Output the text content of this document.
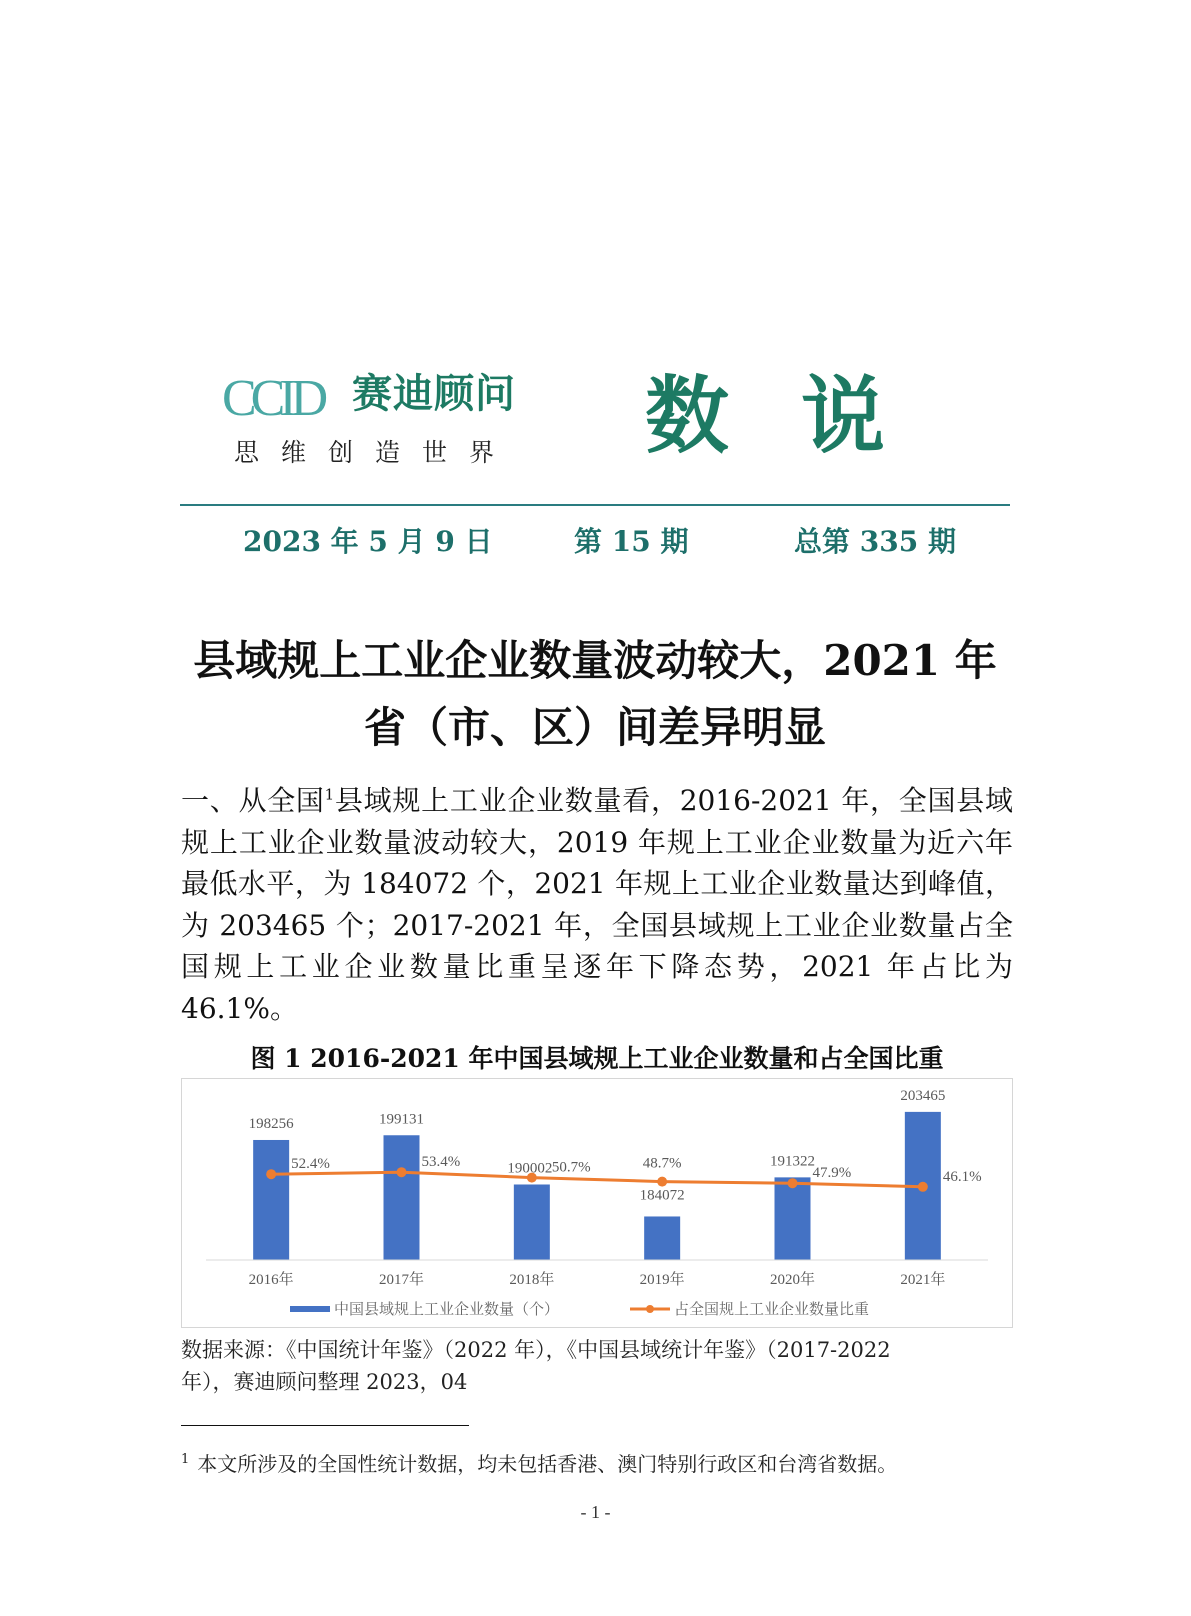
CCID 赛迪顾问
思维创造世界 数说
2023 年 5 月 9 日	第 15 期	总第 335 期
县域规上工业企业数量波动较大，2021 年
省（市、区）间差异明显

一、从全国$^1$县域规上工业企业数量看，2016-2021 年，全国县域规上工业企业数量波动较大，2019 年规上工业企业数量为近六年最低水平，为 184072 个，2021 年规上工业企业数量达到峰值，为 203465 个；2017-2021 年，全国县域规上工业企业数量占全国规上工业企业数量比重呈逐年下降态势，2021 年占比为 46.1%。

图 1 2016-2021 年中国县域规上工业企业数量和占全国比重
198256	199131
190002
184072
191322
203465
52.4%	53.4%	50.7%	48.7%
47.9%	46.1%
2016年	2017年	2018年	2019年	2020年	2021年
中国县域规上工业企业数量（个）	占全国规上工业企业数量比重
数据来源：《中国统计年鉴》（2022 年），《中国县域统计年鉴》（2017-2022
年），赛迪顾问整理 2023，04
$^1$ 本文所涉及的全国性统计数据，均未包括香港、澳门特别行政区和台湾省数据。
- 1 -
